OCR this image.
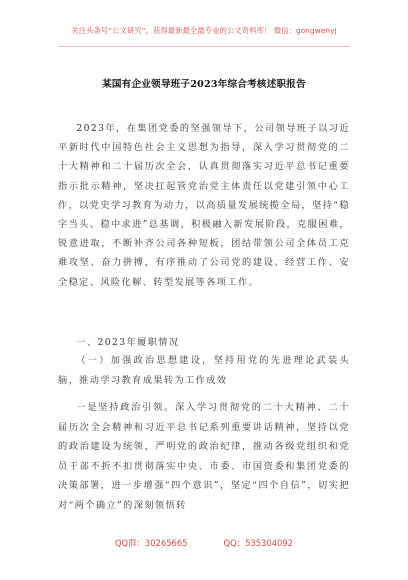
关注头条号“公文研究”，获得最新最全最专业的公文资料库！ 微信：gongwenyj
某国有企业领导班子2023年综合考核述职报告

2023年，在集团党委的坚强领导下，公司领导班子以习近平新时代中国特色社会主义思想为指导，深入学习贯彻党的二十大精神和二十届历次全会，认真贯彻落实习近平总书记重要指示批示精神，坚决扛起管党治党主体责任以党建引领中心工作，以党史学习教育为动力，以高质量发展统揽全局，坚持“稳字当头、稳中求进”总基调，积极融入新发展阶段，克服困难，锐意进取，不断补齐公司各种短板，团结带领公司全体员工克难攻坚、奋力拼搏，有序推动了公司党的建设、经营工作、安全稳定、风险化解、转型发展等各项工作。

一、2023年履职情况

（一）加强政治思想建设，坚持用党的先进理论武装头脑，推动学习教育成果转为工作成效

一是坚持政治引领。深入学习贯彻党的二十大精神、二十届历次全会精神和习近平总书记系列重要讲话精神，坚持以党的政治建设为统领，严明党的政治纪律，推动各级党组织和党员干部不折不扣贯彻落实中央、市委、市国资委和集团党委的决策部署，进一步增强“四个意识”，坚定“四个自信”，切实把对“两个确立”的深刻领悟转

QQ群：30265665	QQ：535304092
